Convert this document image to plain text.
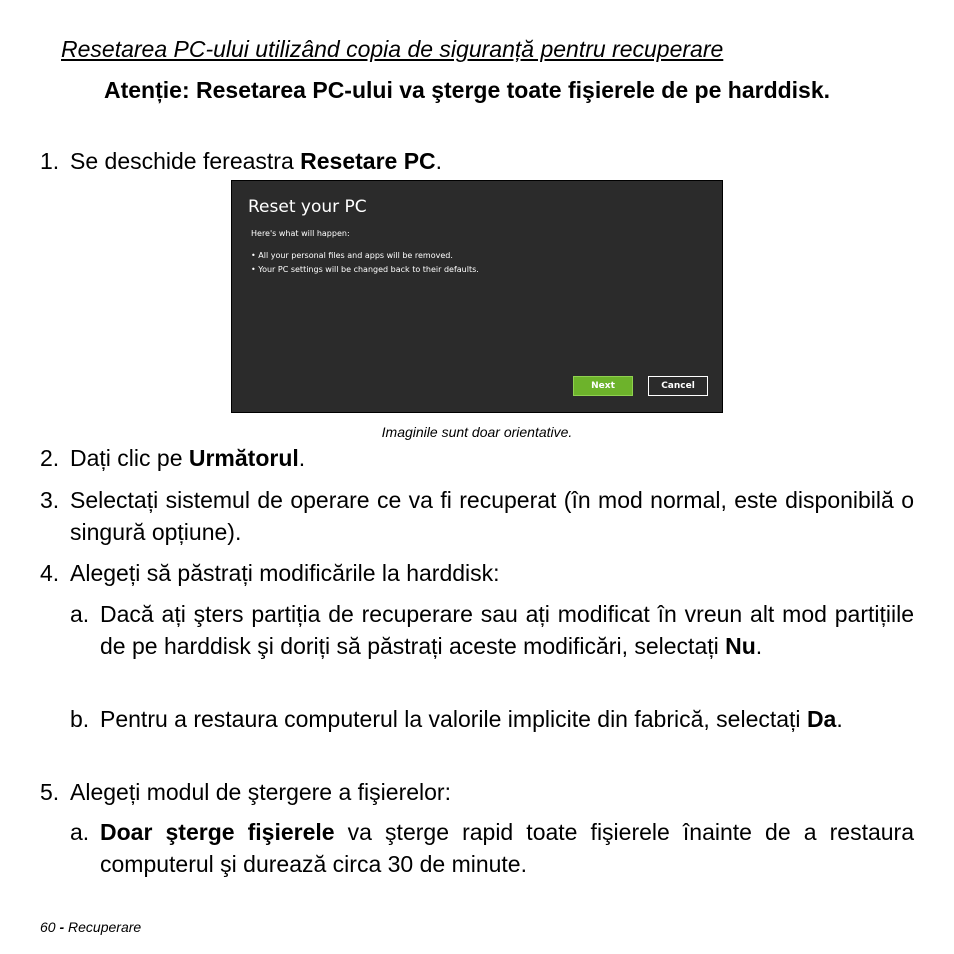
Resetarea PC-ului utilizând copia de siguranță pentru recuperare
Atenție: Resetarea PC-ului va şterge toate fişierele de pe harddisk.
1. Se deschide fereastra Resetare PC.
Reset your PC
Here's what will happen:
• All your personal files and apps will be removed.
• Your PC settings will be changed back to their defaults.
Next	Cancel
Imaginile sunt doar orientative.
2. Dați clic pe Următorul.
3. Selectați sistemul de operare ce va fi recuperat (în mod normal, este disponibilă o singură opțiune).
4. Alegeți să păstrați modificările la harddisk:
a. Dacă ați şters partiția de recuperare sau ați modificat în vreun alt mod partițiile de pe harddisk şi doriți să păstrați aceste modificări, selectați Nu.
b. Pentru a restaura computerul la valorile implicite din fabrică, selectați Da.
5. Alegeți modul de ştergere a fişierelor:
a. Doar şterge fişierele va şterge rapid toate fişierele înainte de a restaura computerul şi durează circa 30 de minute.
60 - Recuperare
